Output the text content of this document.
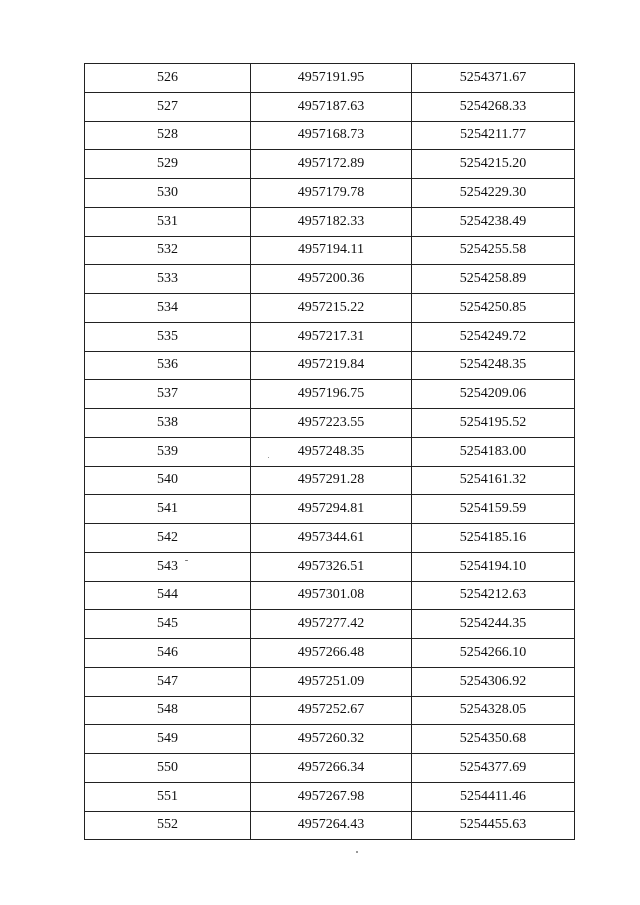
526	4957191.95	5254371.67
527	4957187.63	5254268.33
528	4957168.73	5254211.77
529	4957172.89	5254215.20
530	4957179.78	5254229.30
531	4957182.33	5254238.49
532	4957194.11	5254255.58
533	4957200.36	5254258.89
534	4957215.22	5254250.85
535	4957217.31	5254249.72
536	4957219.84	5254248.35
537	4957196.75	5254209.06
538	4957223.55	5254195.52
539	4957248.35	5254183.00
540	4957291.28	5254161.32
541	4957294.81	5254159.59
542	4957344.61	5254185.16
543	4957326.51	5254194.10
544	4957301.08	5254212.63
545	4957277.42	5254244.35
546	4957266.48	5254266.10
547	4957251.09	5254306.92
548	4957252.67	5254328.05
549	4957260.32	5254350.68
550	4957266.34	5254377.69
551	4957267.98	5254411.46
552	4957264.43	5254455.63
